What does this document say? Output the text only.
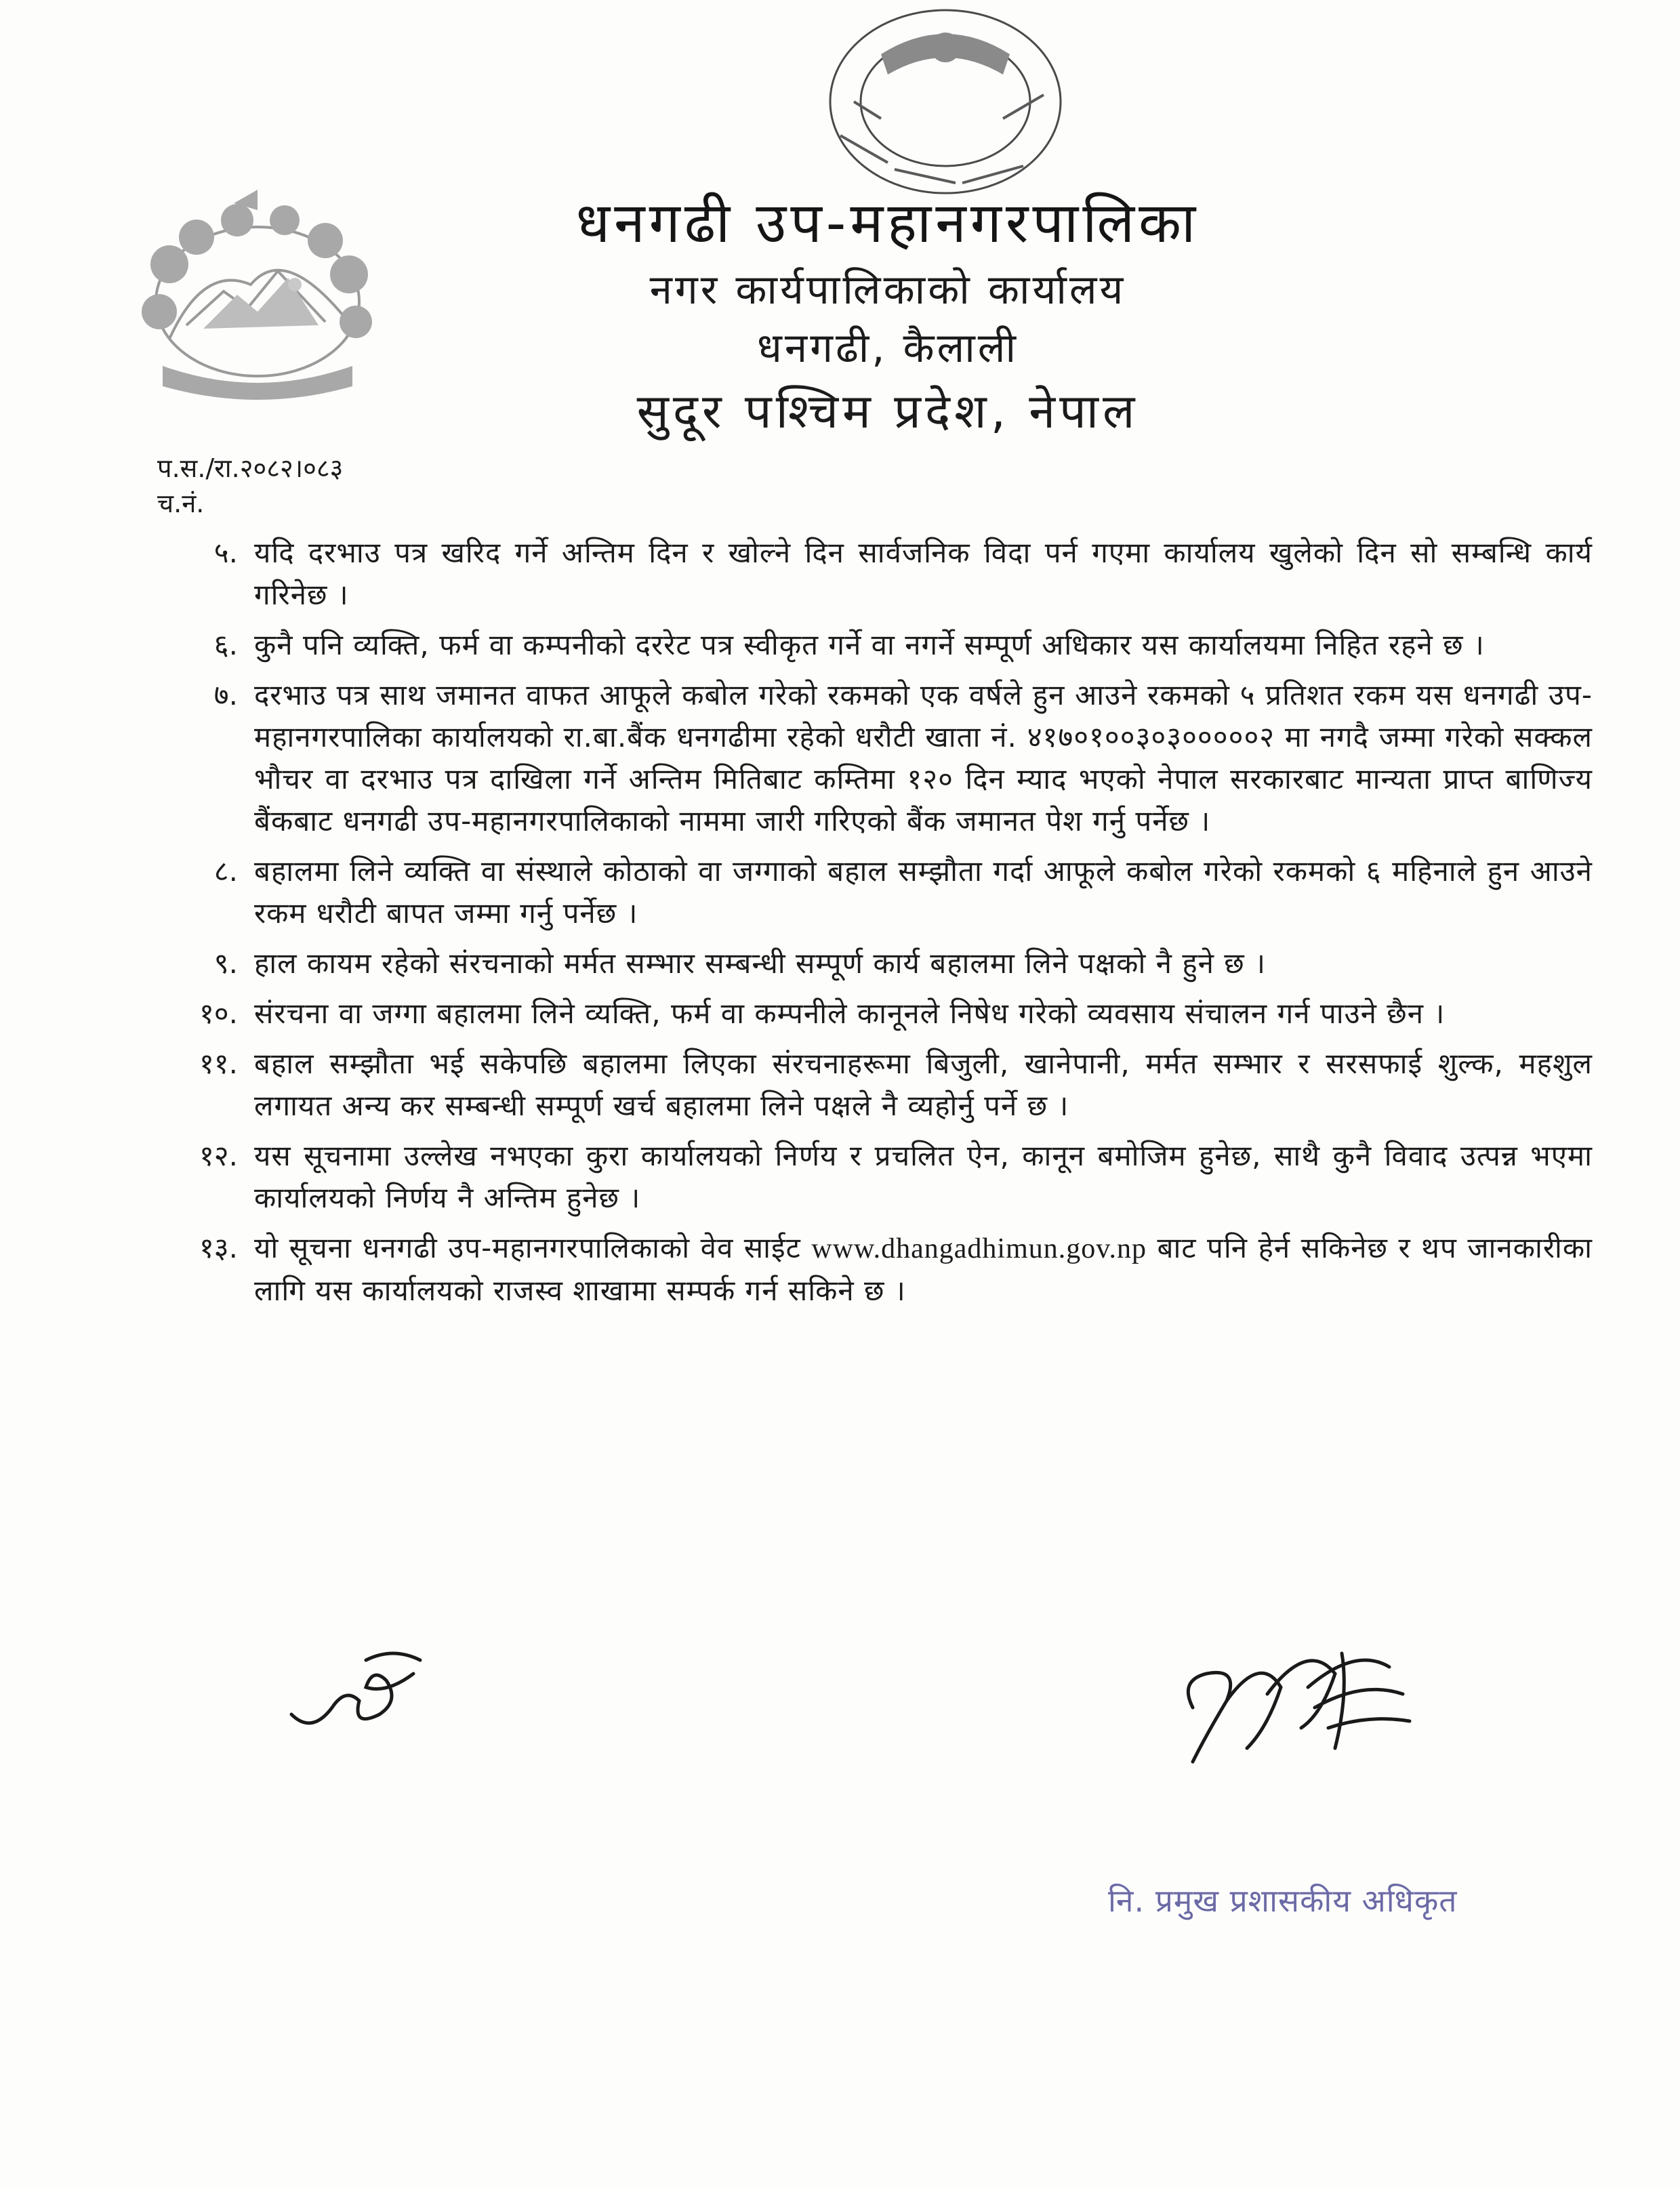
धनगढी उप-महानगरपालिका
नगर कार्यपालिकाको कार्यालय
धनगढी, कैलाली
सुदूर पश्चिम प्रदेश, नेपाल
प.स./रा.२०८२।०८३
च.नं.
५. यदि दरभाउ पत्र खरिद गर्ने अन्तिम दिन र खोल्ने दिन सार्वजनिक विदा पर्न गएमा कार्यालय खुलेको दिन सो सम्बन्धि कार्य गरिनेछ ।
६. कुनै पनि व्यक्ति, फर्म वा कम्पनीको दररेट पत्र स्वीकृत गर्ने वा नगर्ने सम्पूर्ण अधिकार यस कार्यालयमा निहित रहने छ ।
७. दरभाउ पत्र साथ जमानत वाफत आफूले कबोल गरेको रकमको एक वर्षले हुन आउने रकमको ५ प्रतिशत रकम यस धनगढी उप-महानगरपालिका कार्यालयको रा.बा.बैंक धनगढीमा रहेको धरौटी खाता नं. ४१७०१००३०३०००००२ मा नगदै जम्मा गरेको सक्कल भौचर वा दरभाउ पत्र दाखिला गर्ने अन्तिम मितिबाट कम्तिमा १२० दिन म्याद भएको नेपाल सरकारबाट मान्यता प्राप्त बाणिज्य बैंकबाट धनगढी उप-महानगरपालिकाको नाममा जारी गरिएको बैंक जमानत पेश गर्नु पर्नेछ ।
८. बहालमा लिने व्यक्ति वा संस्थाले कोठाको वा जग्गाको बहाल सम्झौता गर्दा आफूले कबोल गरेको रकमको ६ महिनाले हुन आउने रकम धरौटी बापत जम्मा गर्नु पर्नेछ ।
९. हाल कायम रहेको संरचनाको मर्मत सम्भार सम्बन्धी सम्पूर्ण कार्य बहालमा लिने पक्षको नै हुने छ ।
१०. संरचना वा जग्गा बहालमा लिने व्यक्ति, फर्म वा कम्पनीले कानूनले निषेध गरेको व्यवसाय संचालन गर्न पाउने छैन ।
११. बहाल सम्झौता भई सकेपछि बहालमा लिएका संरचनाहरूमा बिजुली, खानेपानी, मर्मत सम्भार र सरसफाई शुल्क, महशुल लगायत अन्य कर सम्बन्धी सम्पूर्ण खर्च बहालमा लिने पक्षले नै व्यहोर्नु पर्ने छ ।
१२. यस सूचनामा उल्लेख नभएका कुरा कार्यालयको निर्णय र प्रचलित ऐन, कानून बमोजिम हुनेछ, साथै कुनै विवाद उत्पन्न भएमा कार्यालयको निर्णय नै अन्तिम हुनेछ ।
१३. यो सूचना धनगढी उप-महानगरपालिकाको वेव साईट www.dhangadhimun.gov.np बाट पनि हेर्न सकिनेछ र थप जानकारीका लागि यस कार्यालयको राजस्व शाखामा सम्पर्क गर्न सकिने छ ।
नि. प्रमुख प्रशासकीय अधिकृत
